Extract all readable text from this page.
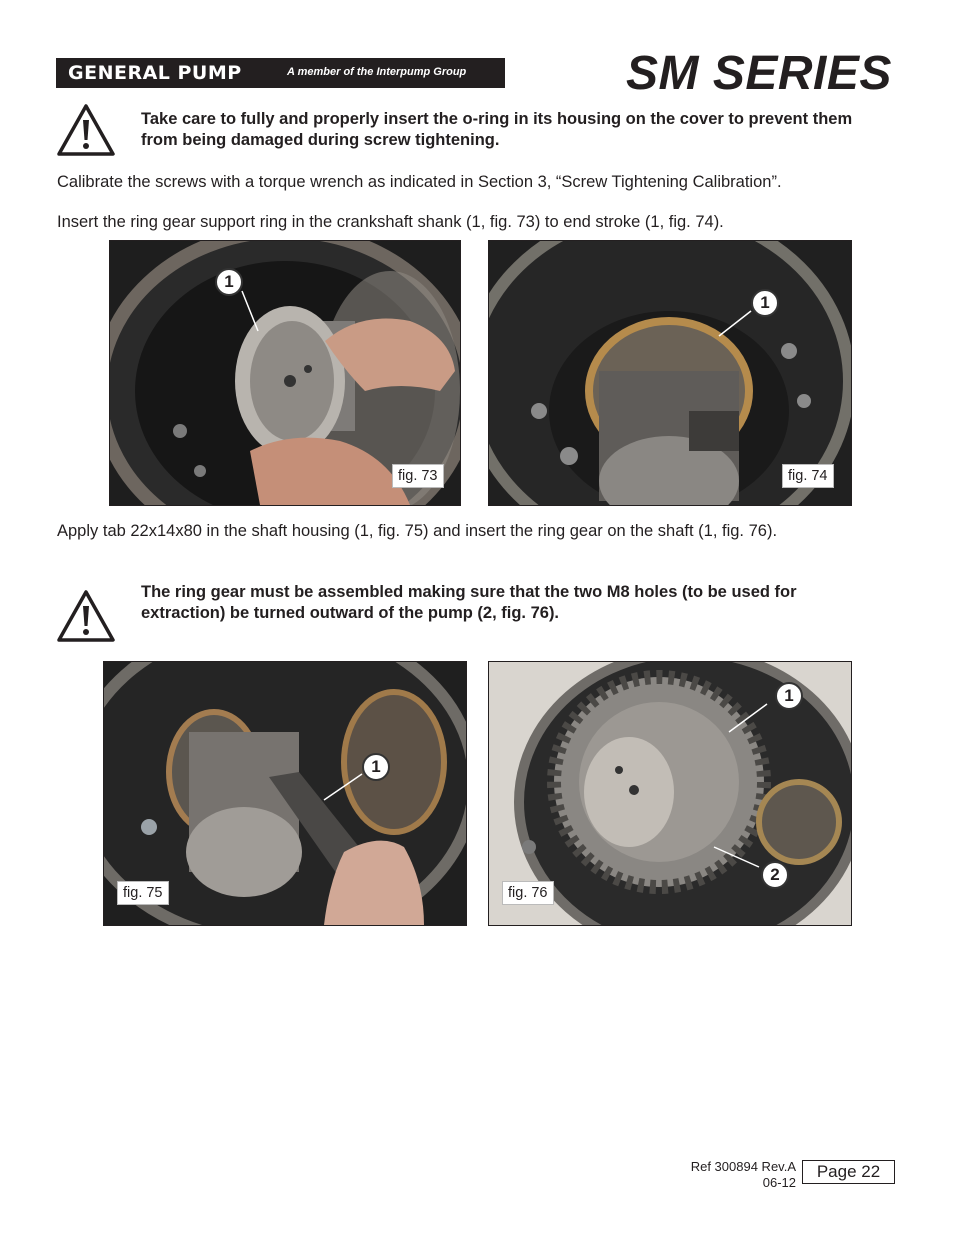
GENERAL PUMP	A member of the Interpump Group	SM SERIES
Take care to fully and properly insert the o-ring in its housing on the cover to prevent them
from being damaged during screw tightening.
Calibrate the screws with a torque wrench as indicated in Section 3, “Screw Tightening Calibration”.
Insert the ring gear support ring in the crankshaft shank (1, fig. 73) to end stroke (1, fig. 74).
1
fig. 73
1
fig. 74
Apply tab 22x14x80 in the shaft housing (1, fig. 75) and insert the ring gear on the shaft (1, fig. 76).
The ring gear must be assembled making sure that the two M8 holes (to be used for
extraction) be turned outward of the pump (2, fig. 76).
1
fig. 75
1
2
fig. 76
Ref 300894 Rev.A
06-12
Page 22
